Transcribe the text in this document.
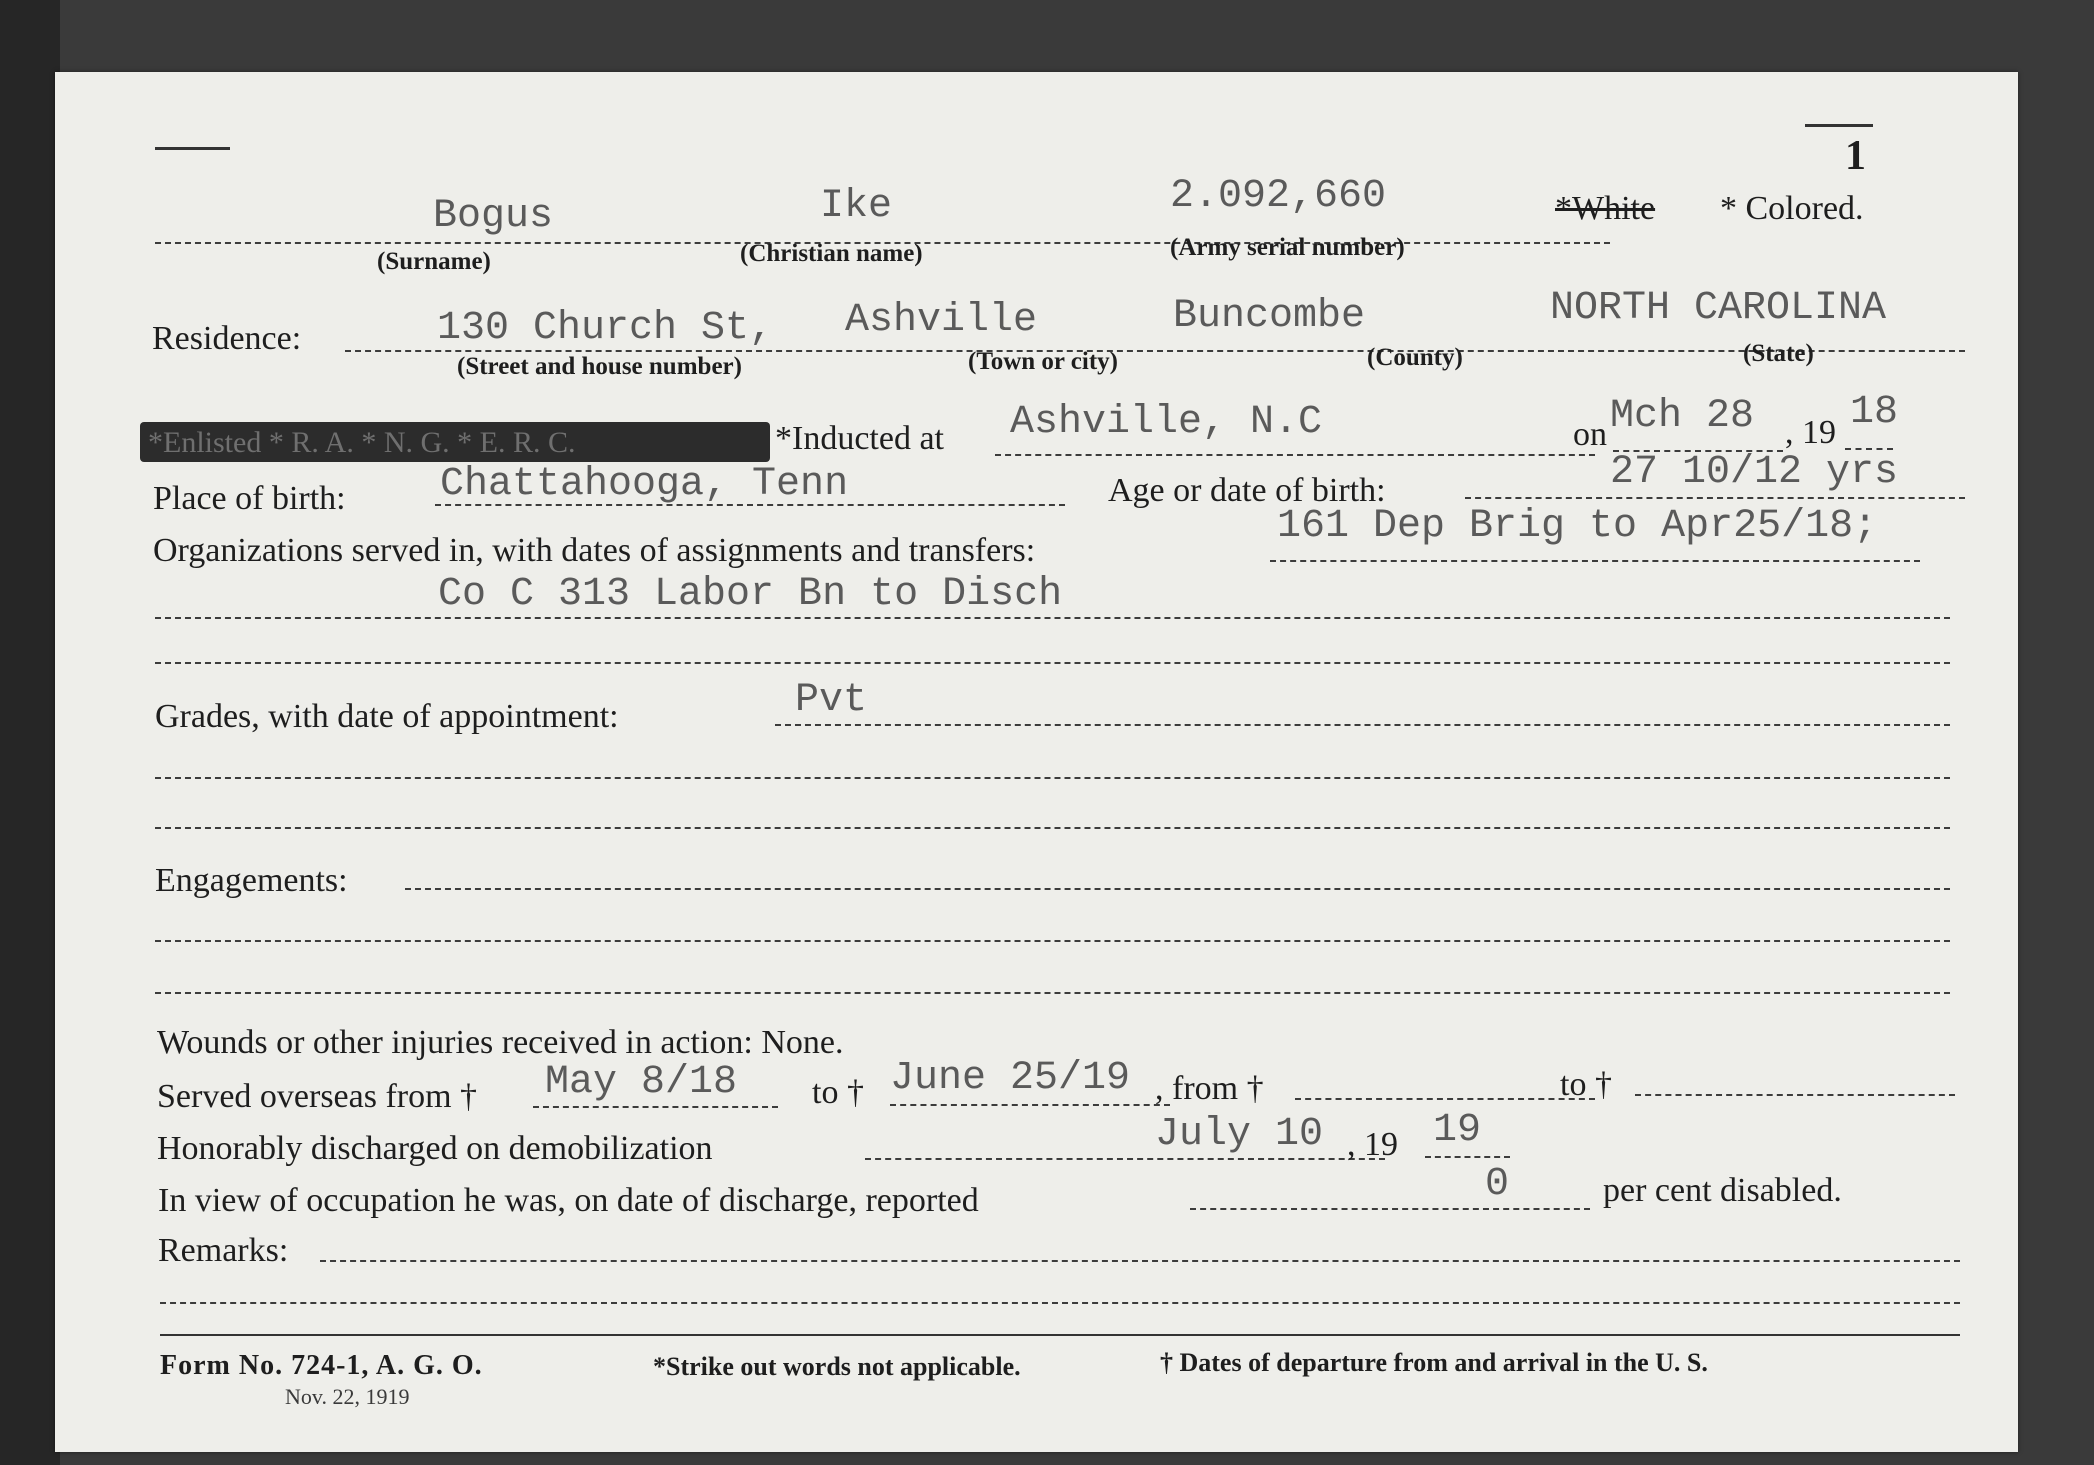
1
Bogus	Ike	2.092,660	*White * Colored.
(Surname)	(Christian name)	(Army serial number)
Residence:	130 Church St, Ashville	Buncombe	NORTH CAROLINA
(Street and house number)	(Town or city)	(County)	(State)
*Enlisted * R. A. * N. G. * E. R. C.	*Inducted at Ashville, N.C	on Mch 28 , 19 18
Place of birth: Chattahooga, Tenn	Age or date of birth:	27 10/12 yrs
Organizations served in, with dates of assignments and transfers:
161 Dep Brig to Apr25/18;
Co C 313 Labor Bn to Disch
Grades, with date of appointment:	Pvt
Engagements:
Wounds or other injuries received in action: None.
Served overseas from † May 8/18 to † June 25/19 , from †	to †
Honorably discharged on demobilization	July 10 , 19 19
In view of occupation he was, on date of discharge, reported	0	per cent disabled.
Remarks:
Form No. 724-1, A. G. O.
Nov. 22, 1919
*Strike out words not applicable.	† Dates of departure from and arrival in the U. S.
